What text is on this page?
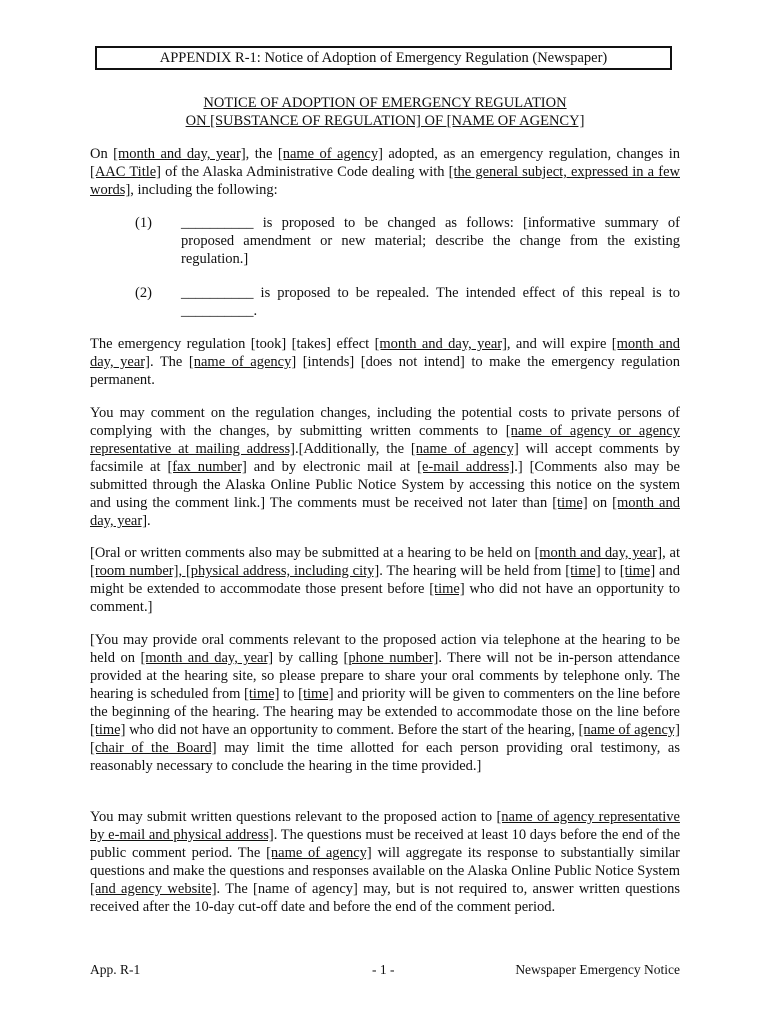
APPENDIX R-1: Notice of Adoption of Emergency Regulation (Newspaper)
NOTICE OF ADOPTION OF EMERGENCY REGULATION
ON [SUBSTANCE OF REGULATION] OF [NAME OF AGENCY]
On [month and day, year], the [name of agency] adopted, as an emergency regulation, changes in [AAC Title] of the Alaska Administrative Code dealing with [the general subject, expressed in a few words], including the following:
(1) __________ is proposed to be changed as follows: [informative summary of proposed amendment or new material; describe the change from the existing regulation.]
(2) __________ is proposed to be repealed. The intended effect of this repeal is to __________.
The emergency regulation [took] [takes] effect [month and day, year], and will expire [month and day, year]. The [name of agency] [intends] [does not intend] to make the emergency regulation permanent.
You may comment on the regulation changes, including the potential costs to private persons of complying with the changes, by submitting written comments to [name of agency or agency representative at mailing address].[Additionally, the [name of agency] will accept comments by facsimile at [fax number] and by electronic mail at [e-mail address].] [Comments also may be submitted through the Alaska Online Public Notice System by accessing this notice on the system and using the comment link.] The comments must be received not later than [time] on [month and day, year].
[Oral or written comments also may be submitted at a hearing to be held on [month and day, year], at [room number], [physical address, including city]. The hearing will be held from [time] to [time] and might be extended to accommodate those present before [time] who did not have an opportunity to comment.]
[You may provide oral comments relevant to the proposed action via telephone at the hearing to be held on [month and day, year] by calling [phone number]. There will not be in-person attendance provided at the hearing site, so please prepare to share your oral comments by telephone only. The hearing is scheduled from [time] to [time] and priority will be given to commenters on the line before the beginning of the hearing. The hearing may be extended to accommodate those on the line before [time] who did not have an opportunity to comment. Before the start of the hearing, [name of agency][chair of the Board] may limit the time allotted for each person providing oral testimony, as reasonably necessary to conclude the hearing in the time provided.]
You may submit written questions relevant to the proposed action to [name of agency representative by e-mail and physical address]. The questions must be received at least 10 days before the end of the public comment period. The [name of agency] will aggregate its response to substantially similar questions and make the questions and responses available on the Alaska Online Public Notice System [and agency website]. The [name of agency] may, but is not required to, answer written questions received after the 10-day cut-off date and before the end of the comment period.
App. R-1	- 1 -	Newspaper Emergency Notice
